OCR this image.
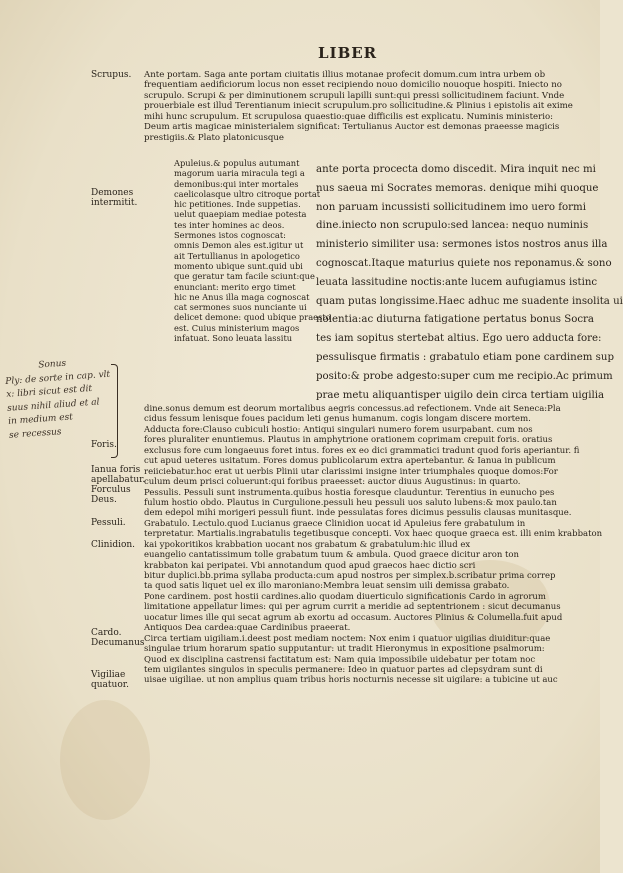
LIBER
Scrupus.
Demones
intermitit.
Foris.
Ianua foris
apellabatur.
Forculus
Deus.
Pessuli.
Clinidion.
Cardo.
Decumanus
Vigiliae
quatuor.
Sonus
Ply: de sorte in cap. vlt
x: libri sicut est dit
suus nihil aliud et al
in medium est
se recessus
Ante portam. Saga ante portam ciuitatis illius motanae profecit domum.cum intra urbem ob
frequentiam aedificiorum locus non esset recipiendo nouo domicilio nouoque hospiti. Iniecto no
scrupulo. Scrupi & per diminutionem scrupuli lapilli sunt:qui pressi sollicitudinem faciunt. Vnde
prouerbiale est illud Terentianum iniecit scrupulum.pro sollicitudine.& Plinius i epistolis ait exime
mihi hunc scrupulum. Et scrupulosa quaestio:quae difficilis est explicatu. Numinis ministerio:
Deum artis magicae ministerialem significat: Tertulianus Auctor est demonas praeesse magicis
prestigiis.& Plato platonicusque
Apuleius.& populus autumant
magorum uaria miracula tegi a
demonibus:qui inter mortales
caelicolasque ultro citroque portat
hic petitiones. Inde suppetias.
uelut quaepiam mediae potesta
tes inter homines ac deos.
Sermones istos cognoscat:
omnis Demon ales est.igitur ut
ait Tertullianus in apologetico
momento ubique sunt.quid ubi
que geratur tam facile sciunt:que
enunciant: merito ergo timet
hic ne Anus illa maga cognoscat
cat sermones suos nunciante ui
delicet demone: quod ubique praesto
est. Cuius ministerium magos
infatuat. Sono leuata lassitu
ante porta procecta domo discedit. Mira inquit nec mi
nus saeua mi Socrates memoras. denique mihi quoque
non paruam incussisti sollicitudinem imo uero formi
dine.iniecto non scrupulo:sed lancea: nequo numinis
ministerio similiter usa: sermones istos nostros anus illa
cognoscat.Itaque maturius quiete nos reponamus.& sono
leuata lassitudine noctis:ante lucem aufugiamus istinc
quam putas longissime.Haec adhuc me suadente insolita ui
nolentia:ac diuturna fatigatione pertatus bonus Socra
tes iam sopitus stertebat altius. Ego uero adducta fore:
pessulisque firmatis : grabatulo etiam pone cardinem sup
posito:& probe adgesto:super cum me recipio.Ac primum
prae metu aliquantisper uigilo dein circa tertiam uigilia
dine.sonus demum est deorum mortalibus aegris concessus.ad refectionem. Vnde ait Seneca:Pla
cidus fessum lenisque foues pacidum leti genus humanum. cogis longam discere mortem.
Adducta fore:Clauso cubiculi hostio: Antiqui singulari numero forem usurpabant. cum nos
fores pluraliter enuntiemus. Plautus in amphytrione orationem coprimam crepuit foris. oratius
exclusus fore cum longaeuus foret intus. fores ex eo dici grammatici tradunt quod foris aperiantur. fi
cut apud ueteres usitatum. Fores domus publicolarum extra apertebantur. & Ianua in publicum
reiiciebatur.hoc erat ut uerbis Plinii utar clarissimi insigne inter triumphales quoque domos:For
culum deum prisci coluerunt:qui foribus praeesset: auctor diuus Augustinus: in quarto.
Pessulis. Pessuli sunt instrumenta.quibus hostia foresque clauduntur. Terentius in eunucho pes
fulum hostio obdo. Plautus in Curgulione.pessuli heu pessuli uos saluto lubens:& mox paulo.tan
dem edepol mihi morigeri pessuli fiunt. inde pessulatas fores dicimus pessulis clausas munitasque.
Grabatulo. Lectulo.quod Lucianus graece Clinidion uocat id Apuleius fere grabatulum in
terpretatur. Martialis.ingrabatulis tegetibusque concepti. Vox haec quoque graeca est. illi enim krabbaton
kai ypokoritikos krabbation uocant nos grabatum & grabatulum:hic illud ex
euangelio cantatissimum tolle grabatum tuum & ambula. Quod graece dicitur aron ton
krabbaton kai peripatei. Vbi annotandum quod apud graecos haec dictio scri
bitur duplici.bb.prima syllaba producta:cum apud nostros per simplex.b.scribatur prima correp
ta quod satis liquet uel ex illo maroniano:Membra leuat sensim uili demissa grabato.
Pone cardinem. post hostii cardines.alio quodam diuerticulo significationis Cardo in agrorum
limitatione appellatur limes: qui per agrum currit a meridie ad septentrionem : sicut decumanus
uocatur limes ille qui secat agrum ab exortu ad occasum. Auctores Plinius & Columella.fuit apud
Antiquos Dea cardea:quae Cardinibus praeerat.
Circa tertiam uigiliam.i.deest post mediam noctem: Nox enim i quatuor uigilias diuiditur:quae
singulae trium horarum spatio supputantur: ut tradit Hieronymus in expositione psalmorum:
Quod ex disciplina castrensi factitatum est: Nam quia impossibile uidebatur per totam noc
tem uigilantes singulos in speculis permanere: Ideo in quatuor partes ad clepsydram sunt di
uisae uigiliae. ut non amplius quam tribus horis nocturnis necesse sit uigilare: a tubicine ut auc
